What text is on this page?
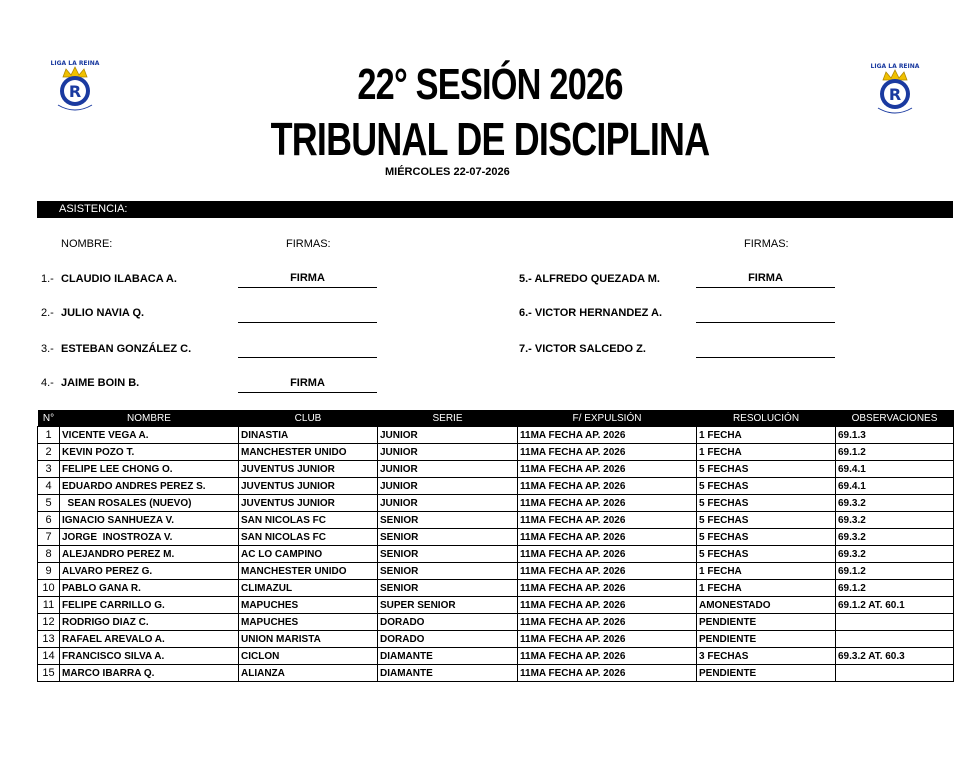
LIGA LA REINA
R
LIGA LA REINA
R
22° SESIÓN 2026
TRIBUNAL DE DISCIPLINA
MIÉRCOLES 22-07-2026
ASISTENCIA:
NOMBRE:	FIRMAS:	FIRMAS:
1.- CLAUDIO ILABACA A.	FIRMA
2.- JULIO NAVIA Q.
3.- ESTEBAN GONZÁLEZ C.
4.- JAIME BOIN B.	FIRMA
5.- ALFREDO QUEZADA M.	FIRMA
6.- VICTOR HERNANDEZ A.
7.- VICTOR SALCEDO Z.
N°	NOMBRE	CLUB	SERIE	F/ EXPULSIÓN	RESOLUCIÓN	OBSERVACIONES
1	VICENTE VEGA A.	DINASTIA	JUNIOR	11MA FECHA AP. 2026	1 FECHA	69.1.3
2	KEVIN POZO T.	MANCHESTER UNIDO	JUNIOR	11MA FECHA AP. 2026	1 FECHA	69.1.2
3	FELIPE LEE CHONG O.	JUVENTUS JUNIOR	JUNIOR	11MA FECHA AP. 2026	5 FECHAS	69.4.1
4	EDUARDO ANDRES PEREZ S.	JUVENTUS JUNIOR	JUNIOR	11MA FECHA AP. 2026	5 FECHAS	69.4.1
5	SEAN ROSALES (NUEVO)	JUVENTUS JUNIOR	JUNIOR	11MA FECHA AP. 2026	5 FECHAS	69.3.2
6	IGNACIO SANHUEZA V.	SAN NICOLAS FC	SENIOR	11MA FECHA AP. 2026	5 FECHAS	69.3.2
7	JORGE  INOSTROZA V.	SAN NICOLAS FC	SENIOR	11MA FECHA AP. 2026	5 FECHAS	69.3.2
8	ALEJANDRO PEREZ M.	AC LO CAMPINO	SENIOR	11MA FECHA AP. 2026	5 FECHAS	69.3.2
9	ALVARO PEREZ G.	MANCHESTER UNIDO	SENIOR	11MA FECHA AP. 2026	1 FECHA	69.1.2
10	PABLO GANA R.	CLIMAZUL	SENIOR	11MA FECHA AP. 2026	1 FECHA	69.1.2
11	FELIPE CARRILLO G.	MAPUCHES	SUPER SENIOR	11MA FECHA AP. 2026	AMONESTADO	69.1.2 AT. 60.1
12	RODRIGO DIAZ C.	MAPUCHES	DORADO	11MA FECHA AP. 2026	PENDIENTE	
13	RAFAEL AREVALO A.	UNION MARISTA	DORADO	11MA FECHA AP. 2026	PENDIENTE	
14	FRANCISCO SILVA A.	CICLON	DIAMANTE	11MA FECHA AP. 2026	3 FECHAS	69.3.2 AT. 60.3
15	MARCO IBARRA Q.	ALIANZA	DIAMANTE	11MA FECHA AP. 2026	PENDIENTE	
